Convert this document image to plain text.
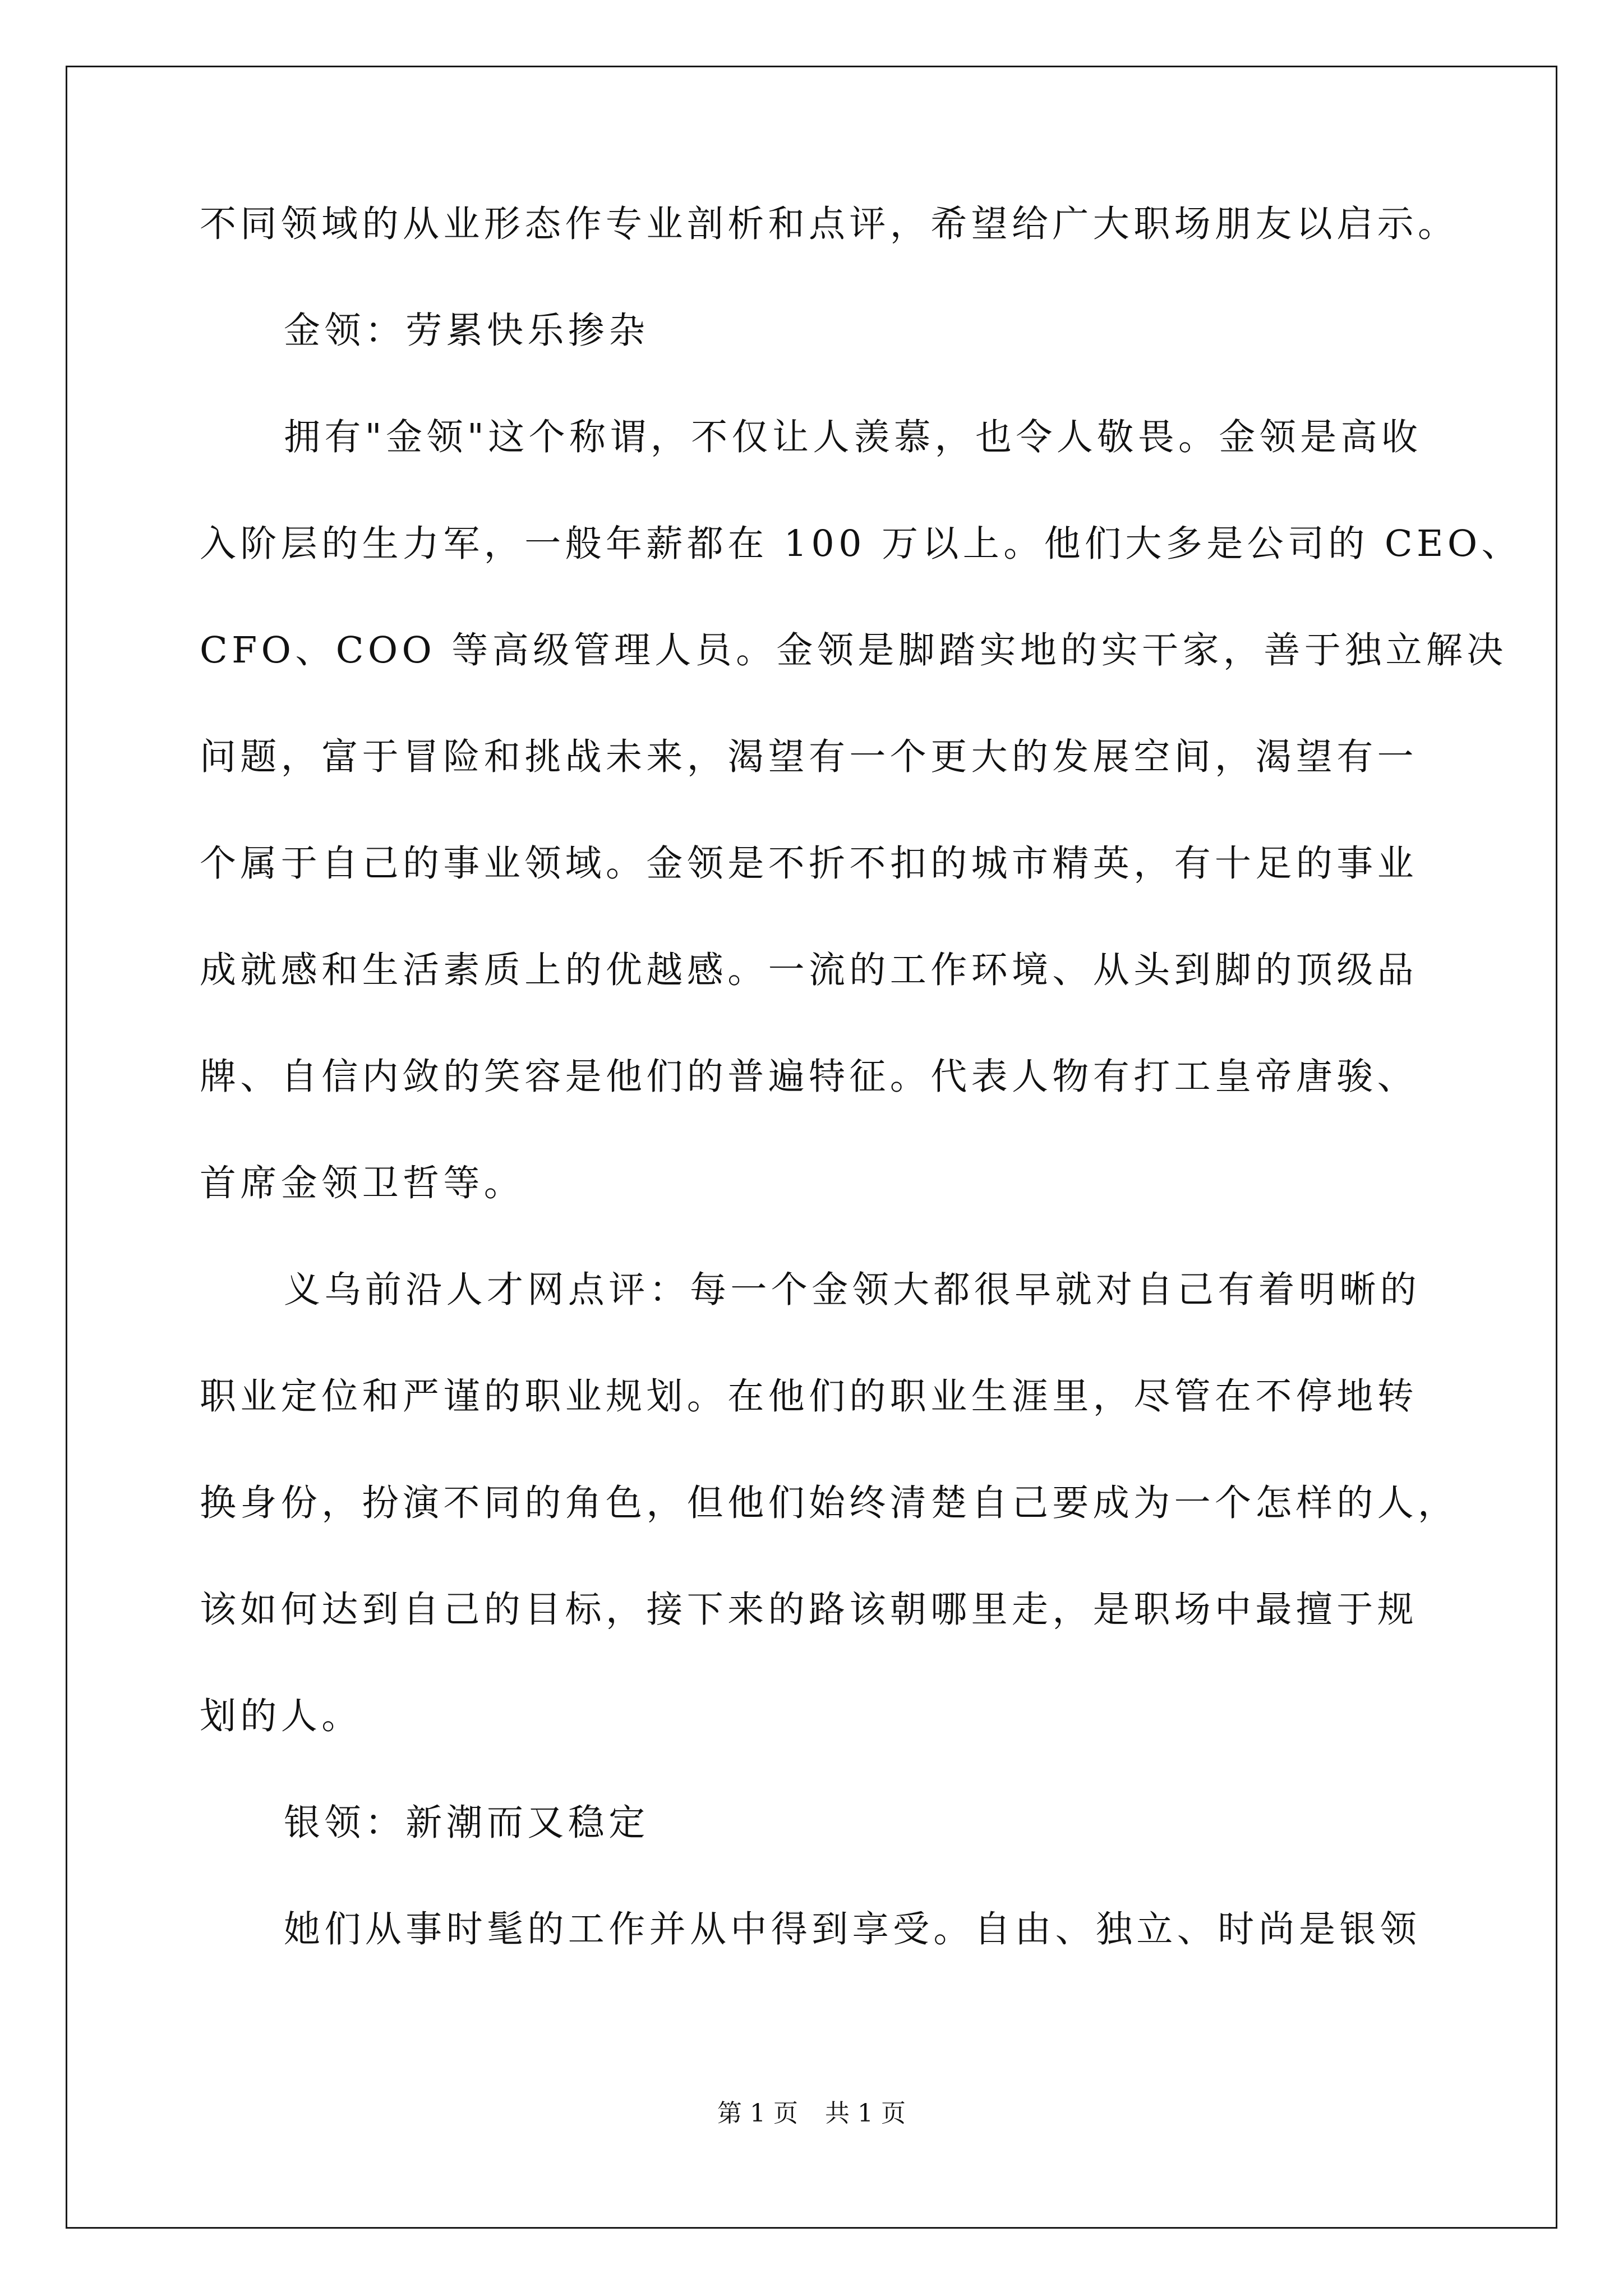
不同领域的从业形态作专业剖析和点评，希望给广大职场朋友以启示。
金领：劳累快乐掺杂
拥有"金领"这个称谓，不仅让人羡慕，也令人敬畏。金领是高收
入阶层的生力军，一般年薪都在 100 万以上。他们大多是公司的 CEO、
CFO、COO 等高级管理人员。金领是脚踏实地的实干家，善于独立解决
问题，富于冒险和挑战未来，渴望有一个更大的发展空间，渴望有一
个属于自己的事业领域。金领是不折不扣的城市精英，有十足的事业
成就感和生活素质上的优越感。一流的工作环境、从头到脚的顶级品
牌、自信内敛的笑容是他们的普遍特征。代表人物有打工皇帝唐骏、
首席金领卫哲等。
义乌前沿人才网点评：每一个金领大都很早就对自己有着明晰的
职业定位和严谨的职业规划。在他们的职业生涯里，尽管在不停地转
换身份，扮演不同的角色，但他们始终清楚自己要成为一个怎样的人，
该如何达到自己的目标，接下来的路该朝哪里走，是职场中最擅于规
划的人。
银领：新潮而又稳定
她们从事时髦的工作并从中得到享受。自由、独立、时尚是银领
第 1 页 共 1 页
